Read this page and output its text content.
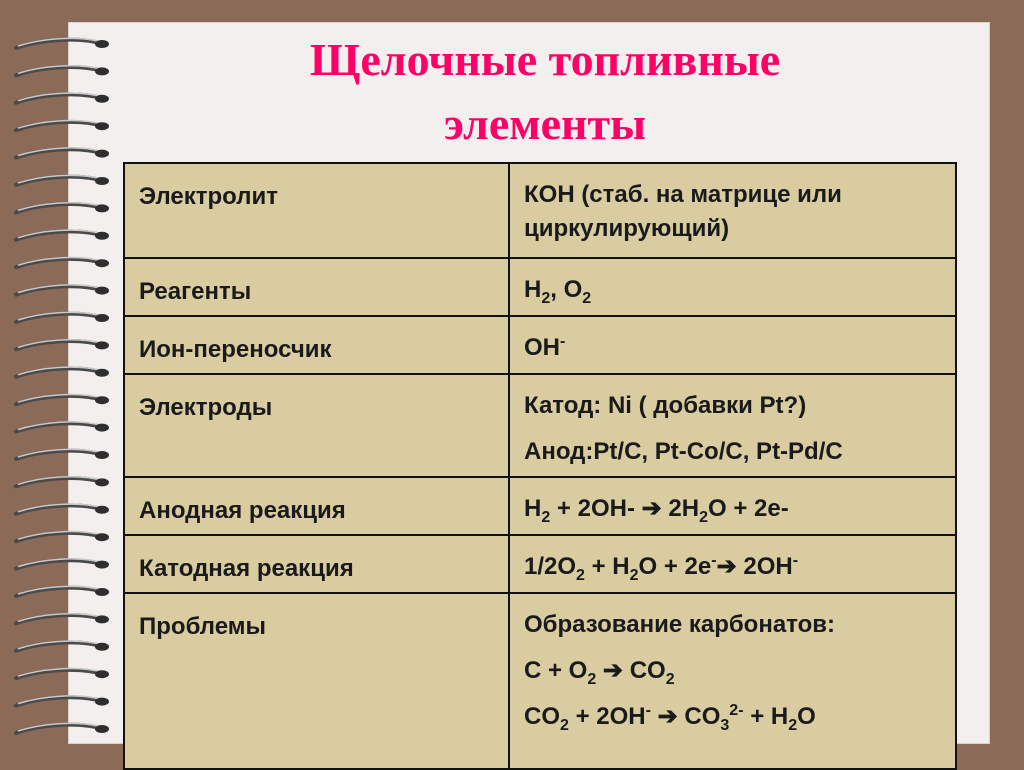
Щелочные топливные
элементы
Электролит	КОН (стаб. на матрице или
циркулирующий)
Реагенты	$H_2$, $O_2$
Ион-переносчик	OH-
Электроды	Катод: Ni ( добавки Pt?)
Анод:Pt/C, Pt-Co/C, Pt-Pd/C

Анодная реакция	$H_2 + 2OH-$ ➔ $2H_2O + 2e-$
Катодная реакция	$1/2O_2 + H_2O$ + 2e-➔ 2OH-
Проблемы	Образование карбонатов:
$C + O_2$ ➔ $CO_2$
$CO_2 + 2OH^-$ ➔ $CO_3^{2-} + H_2O$
